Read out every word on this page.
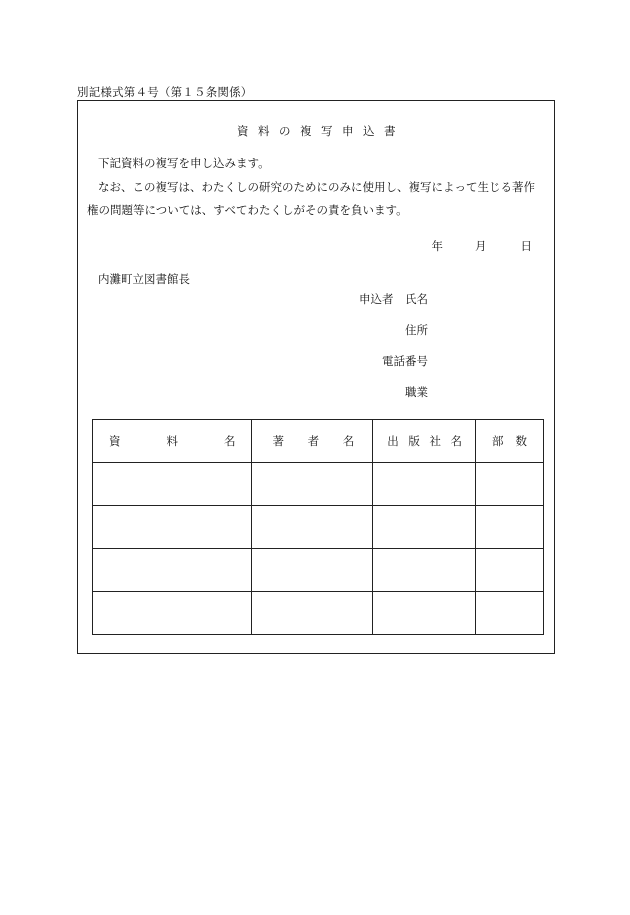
別記様式第４号（第１５条関係）
資料の複写申込書
下記資料の複写を申し込みます。
なお、この複写は、わたくしの研究のためにのみに使用し、複写によって生じる著作
権の問題等については、すべてわたくしがその責を負います。
年	月	日
内灘町立図書館長
申込者 氏名
住所
電話番号
職業
資 料 名	著 者 名	出 版 社 名	部 数
